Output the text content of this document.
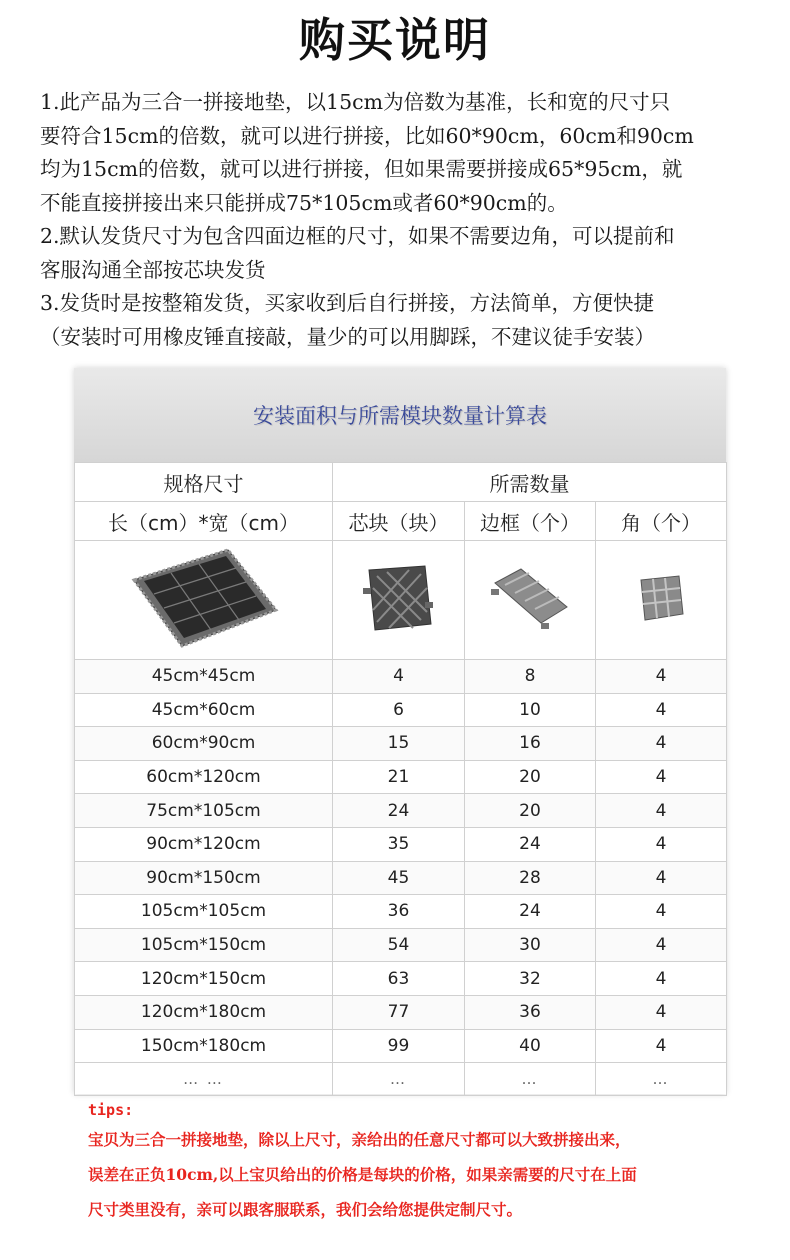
购买说明
1.此产品为三合一拼接地垫，以15cm为倍数为基准，长和宽的尺寸只
要符合15cm的倍数，就可以进行拼接，比如60*90cm，60cm和90cm
均为15cm的倍数，就可以进行拼接，但如果需要拼接成65*95cm，就
不能直接拼接出来只能拼成75*105cm或者60*90cm的。
2.默认发货尺寸为包含四面边框的尺寸，如果不需要边角，可以提前和
客服沟通全部按芯块发货
3.发货时是按整箱发货，买家收到后自行拼接，方法简单，方便快捷
（安装时可用橡皮锤直接敲，量少的可以用脚踩，不建议徒手安装）
安装面积与所需模块数量计算表
规格尺寸	所需数量		
长（cm）*宽（cm）	芯块（块）	边框（个）	角（个）

45cm*45cm	4	8	4
45cm*60cm	6	10	4
60cm*90cm	15	16	4
60cm*120cm	21	20	4
75cm*105cm	24	20	4
90cm*120cm	35	24	4
90cm*150cm	45	28	4
105cm*105cm	36	24	4
105cm*150cm	54	30	4
120cm*150cm	63	32	4
120cm*180cm	77	36	4
150cm*180cm	99	40	4
… …	…	…	…
tips:
宝贝为三合一拼接地垫，除以上尺寸，亲给出的任意尺寸都可以大致拼接出来，
误差在正负10cm,以上宝贝给出的价格是每块的价格，如果亲需要的尺寸在上面
尺寸类里没有，亲可以跟客服联系，我们会给您提供定制尺寸。
